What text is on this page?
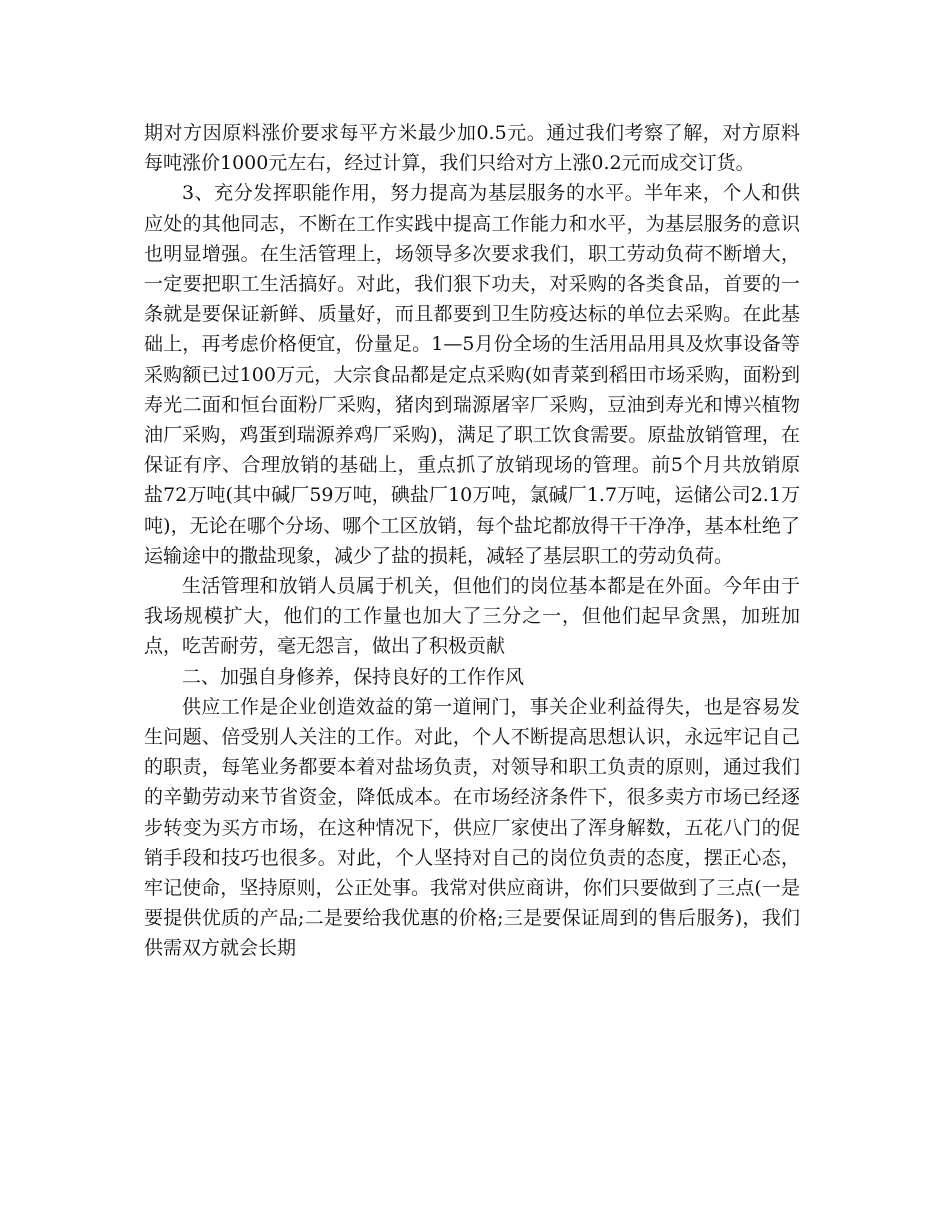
期对方因原料涨价要求每平方米最少加0.5元。通过我们考察了解，对方原料每吨涨价1000元左右，经过计算，我们只给对方上涨0.2元而成交订货。

3、充分发挥职能作用，努力提高为基层服务的水平。半年来，个人和供应处的其他同志，不断在工作实践中提高工作能力和水平，为基层服务的意识也明显增强。在生活管理上，场领导多次要求我们，职工劳动负荷不断增大，一定要把职工生活搞好。对此，我们狠下功夫，对采购的各类食品，首要的一条就是要保证新鲜、质量好，而且都要到卫生防疫达标的单位去采购。在此基础上，再考虑价格便宜，份量足。1—5月份全场的生活用品用具及炊事设备等采购额已过100万元，大宗食品都是定点采购(如青菜到稻田市场采购，面粉到寿光二面和恒台面粉厂采购，猪肉到瑞源屠宰厂采购，豆油到寿光和博兴植物油厂采购，鸡蛋到瑞源养鸡厂采购)，满足了职工饮食需要。原盐放销管理，在保证有序、合理放销的基础上，重点抓了放销现场的管理。前5个月共放销原盐72万吨(其中碱厂59万吨，碘盐厂10万吨，氯碱厂1.7万吨，运储公司2.1万吨)，无论在哪个分场、哪个工区放销，每个盐坨都放得干干净净，基本杜绝了运输途中的撒盐现象，减少了盐的损耗，减轻了基层职工的劳动负荷。

生活管理和放销人员属于机关，但他们的岗位基本都是在外面。今年由于我场规模扩大，他们的工作量也加大了三分之一，但他们起早贪黑，加班加点，吃苦耐劳，毫无怨言，做出了积极贡献

二、加强自身修养，保持良好的工作作风

供应工作是企业创造效益的第一道闸门，事关企业利益得失，也是容易发生问题、倍受别人关注的工作。对此，个人不断提高思想认识，永远牢记自己的职责，每笔业务都要本着对盐场负责，对领导和职工负责的原则，通过我们的辛勤劳动来节省资金，降低成本。在市场经济条件下，很多卖方市场已经逐步转变为买方市场，在这种情况下，供应厂家使出了浑身解数，五花八门的促销手段和技巧也很多。对此，个人坚持对自己的岗位负责的态度，摆正心态，牢记使命，坚持原则，公正处事。我常对供应商讲，你们只要做到了三点(一是要提供优质的产品;二是要给我优惠的价格;三是要保证周到的售后服务)，我们供需双方就会长期
